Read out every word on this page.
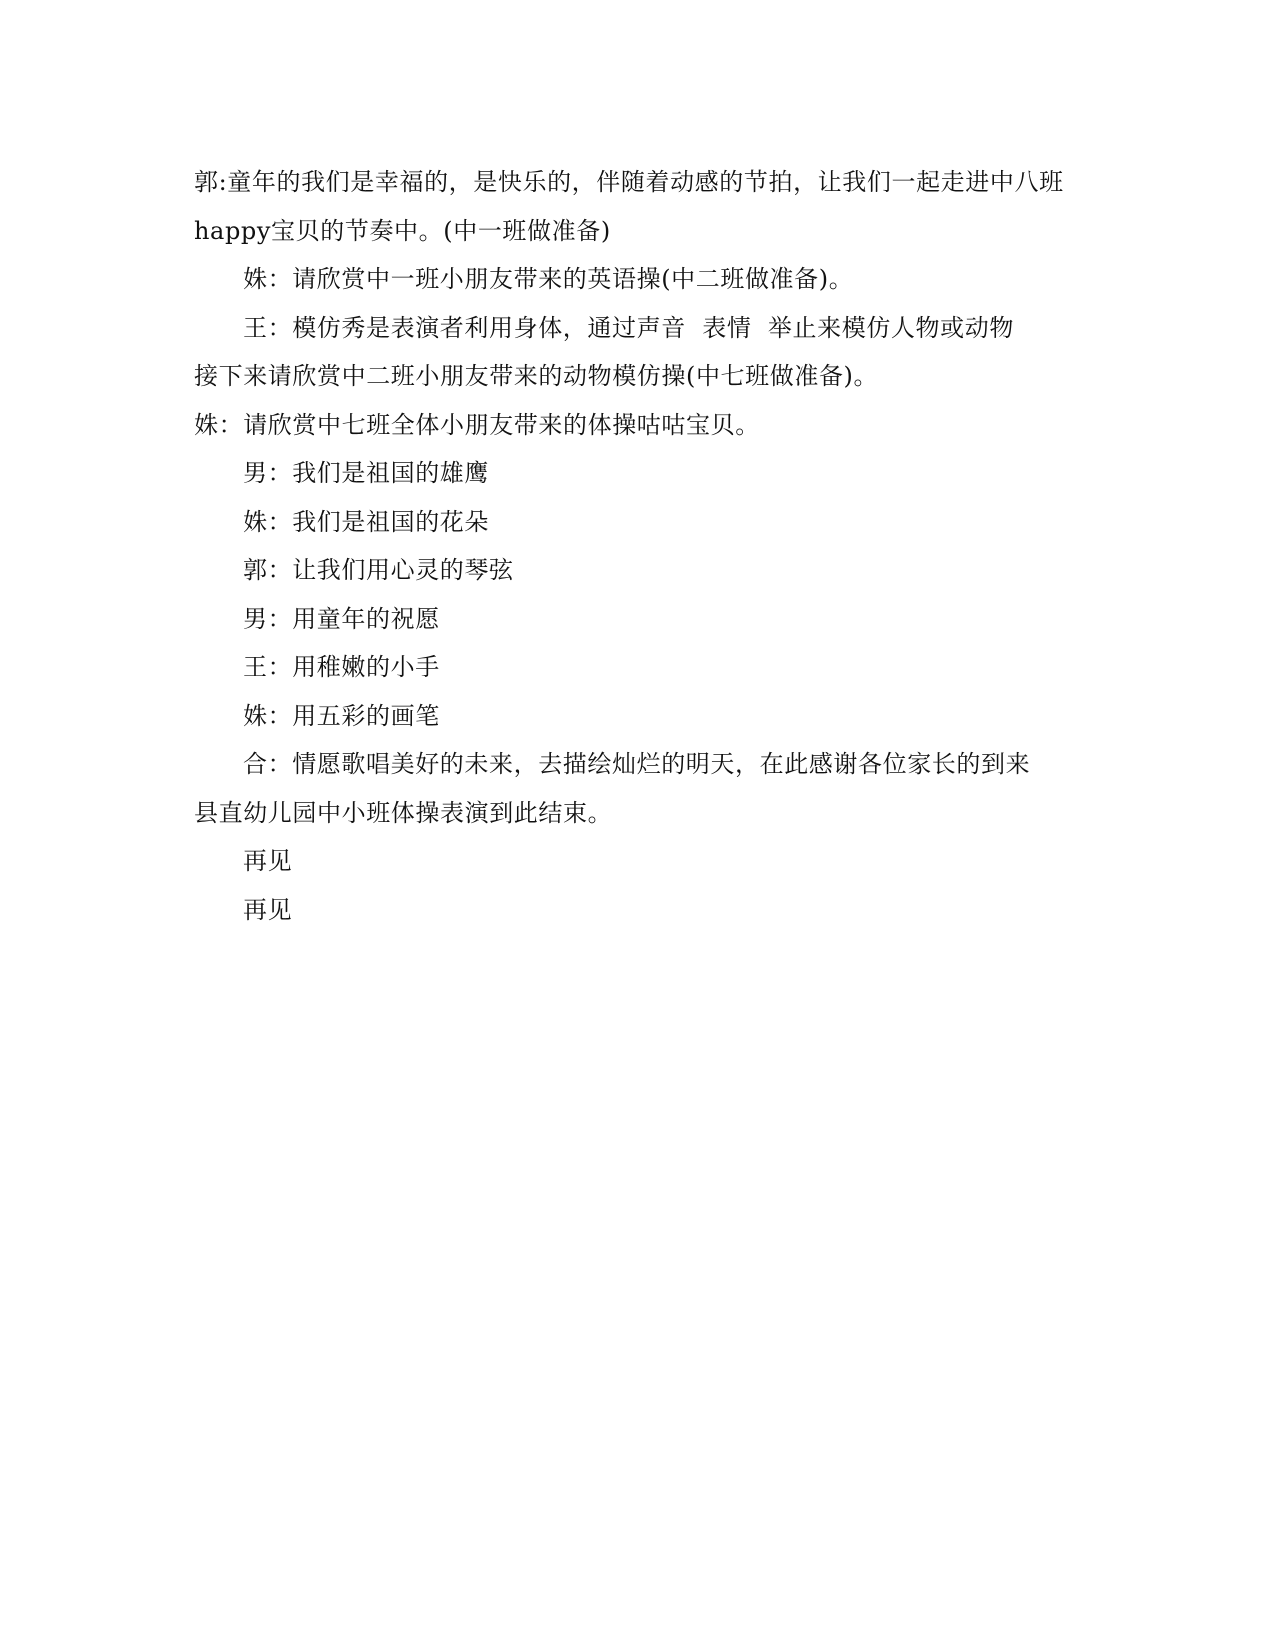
郭:童年的我们是幸福的，是快乐的，伴随着动感的节拍，让我们一起走进中八班
happy宝贝的节奏中。(中一班做准备)
姝：请欣赏中一班小朋友带来的英语操(中二班做准备)。
王：模仿秀是表演者利用身体，通过声音  表情  举止来模仿人物或动物
接下来请欣赏中二班小朋友带来的动物模仿操(中七班做准备)。
姝：请欣赏中七班全体小朋友带来的体操咕咕宝贝。
男：我们是祖国的雄鹰
姝：我们是祖国的花朵
郭：让我们用心灵的琴弦
男：用童年的祝愿
王：用稚嫩的小手
姝：用五彩的画笔
合：情愿歌唱美好的未来，去描绘灿烂的明天，在此感谢各位家长的到来
县直幼儿园中小班体操表演到此结束。
再见
再见
